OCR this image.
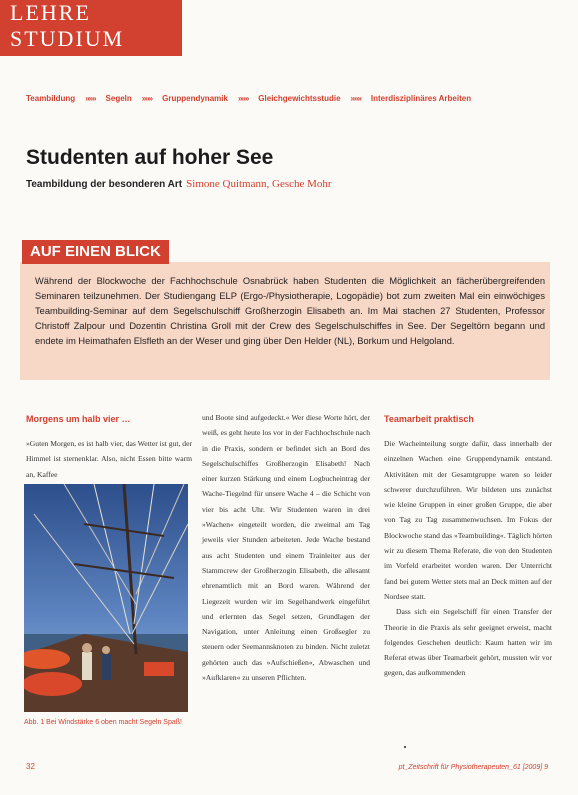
LEHRE
STUDIUM
Teambildung »»» Segeln »»» Gruppendynamik »»» Gleichgewichtsstudie »»» Interdisziplinäres Arbeiten
Studenten auf hoher See
Teambildung der besonderen Art Simone Quitmann, Gesche Mohr
AUF EINEN BLICK
Während der Blockwoche der Fachhochschule Osnabrück haben Studenten die Möglichkeit an fächerübergreifenden Seminaren teilzunehmen. Der Studiengang ELP (Ergo-/Physiotherapie, Logopädie) bot zum zweiten Mal ein einwöchiges Teambuilding-Seminar auf dem Segelschulschiff Großherzogin Elisabeth an. Im Mai stachen 27 Studenten, Professor Christoff Zalpour und Dozentin Christina Groll mit der Crew des Segelschulschiffes in See. Der Segeltörn begann und endete im Heimathafen Elsfleth an der Weser und ging über Den Helder (NL), Borkum und Helgoland.
Morgens um halb vier …

»Guten Morgen, es ist halb vier, das Wetter ist gut, der Himmel ist sternenklar. Also, nicht Essen bitte warm an, Kaffee

Abb. 1 Bei Windstärke 6 oben macht Segeln Spaß!

und Boote sind aufgedeckt.« Wer diese Worte hört, der weiß, es geht heute los vor in der Fachhochschule nach in die Praxis, sondern er befindet sich an Bord des Segelschulschiffes Großherzogin Elisabeth! Nach einer kurzen Stärkung und einem Logbucheintrag der Wache-Tiegelnd für unsere Wache 4 – die Schicht von vier bis acht Uhr. Wir Studenten waren in drei »Wachen« eingeteilt worden, die zweimal am Tag jeweils vier Stunden arbeiteten. Jede Wache bestand aus acht Studenten und einem Trainleiter aus der Stammcrew der Großherzogin Elisabeth, die allesamt ehrenamtlich mit an Bord waren. Während der Liegezeit wurden wir im Segelhandwerk eingeführt und erlernten das Segel setzen, Grundlagen der Navigation, unter Anleitung einen Großsegler zu steuern oder Seemannsknoten zu binden. Nicht zuletzt gehörten auch das »Aufschießen«, Abwaschen und »Aufklaren« zu unseren Pflichten.

Teamarbeit praktisch

Die Wacheinteilung sorgte dafür, dass innerhalb der einzelnen Wachen eine Gruppendynamik entstand. Aktivitäten mit der Gesamtgruppe waren so leider schwerer durchzuführen. Wir bildeten uns zunächst wie kleine Gruppen in einer großen Gruppe, die aber von Tag zu Tag zusammenwuchsen. Im Fokus der Blockwoche stand das »Teambuilding«. Täglich hörten wir zu diesem Thema Referate, die von den Studenten im Vorfeld erarbeitet worden waren. Der Unterricht fand bei gutem Wetter stets mal an Deck mitten auf der Nordsee statt.

Dass sich ein Segelschiff für einen Transfer der Theorie in die Praxis als sehr geeignet erweist, macht folgendes Geschehen deutlich: Kaum hatten wir im Referat etwas über Teamarbeit gehört, mussten wir vor gegen, das aufkommenden

32	pt_Zeitschrift für Physiotherapeuten_61 [2009] 9
